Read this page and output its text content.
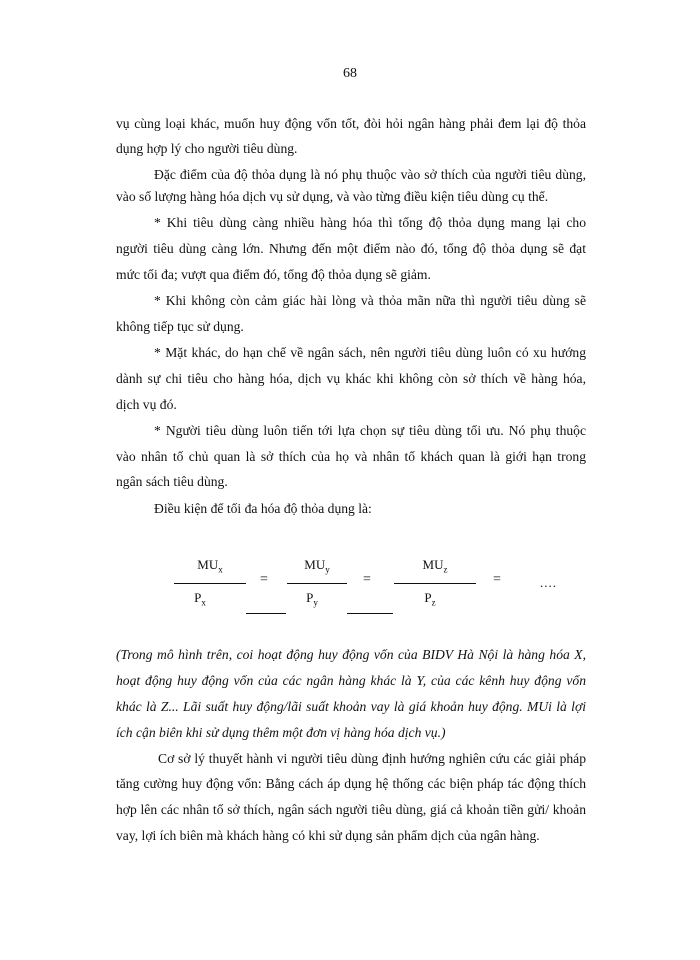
68
vụ cùng loại khác, muốn huy động vốn tốt, đòi hỏi ngân hàng phải đem lại độ thỏa
dụng hợp lý cho người tiêu dùng.
Đặc điểm của độ thỏa dụng là nó phụ thuộc vào sở thích của người tiêu dùng,
vào số lượng hàng hóa dịch vụ sử dụng, và vào từng điều kiện tiêu dùng cụ thể.
* Khi tiêu dùng càng nhiều hàng hóa thì tổng độ thỏa dụng mang lại cho
người tiêu dùng càng lớn. Nhưng đến một điểm nào đó, tổng độ thỏa dụng sẽ đạt
mức tối đa; vượt qua điểm đó, tổng độ thỏa dụng sẽ giảm.
* Khi không còn cảm giác hài lòng và thỏa mãn nữa thì người tiêu dùng sẽ
không tiếp tục sử dụng.
* Mặt khác, do hạn chế về ngân sách, nên người tiêu dùng luôn có xu hướng
dành sự chi tiêu cho hàng hóa, dịch vụ khác khi không còn sở thích về hàng hóa,
dịch vụ đó.
* Người tiêu dùng luôn tiến tới lựa chọn sự tiêu dùng tối ưu. Nó phụ thuộc
vào nhân tố chủ quan là sở thích của họ và nhân tố khách quan là giới hạn trong
ngân sách tiêu dùng.
Điều kiện để tối đa hóa độ thỏa dụng là:
$MU_x$
$P_x$
=
$MU_y$
$P_y$
=
$MU_z$
$P_z$
=	....
(Trong mô hình trên, coi hoạt động huy động vốn của BIDV Hà Nội là hàng hóa X,
hoạt động huy động vốn của các ngân hàng khác là Y, của các kênh huy động vốn
khác là Z... Lãi suất huy động/lãi suất khoản vay là giá khoản huy động. MUi là lợi
ích cận biên khi sử dụng thêm một đơn vị hàng hóa dịch vụ.)
Cơ sở lý thuyết hành vi người tiêu dùng định hướng nghiên cứu các giải pháp
tăng cường huy động vốn: Bằng cách áp dụng hệ thống các biện pháp tác động thích
hợp lên các nhân tố sở thích, ngân sách người tiêu dùng, giá cả khoản tiền gửi/ khoản
vay, lợi ích biên mà khách hàng có khi sử dụng sản phẩm dịch của ngân hàng.
